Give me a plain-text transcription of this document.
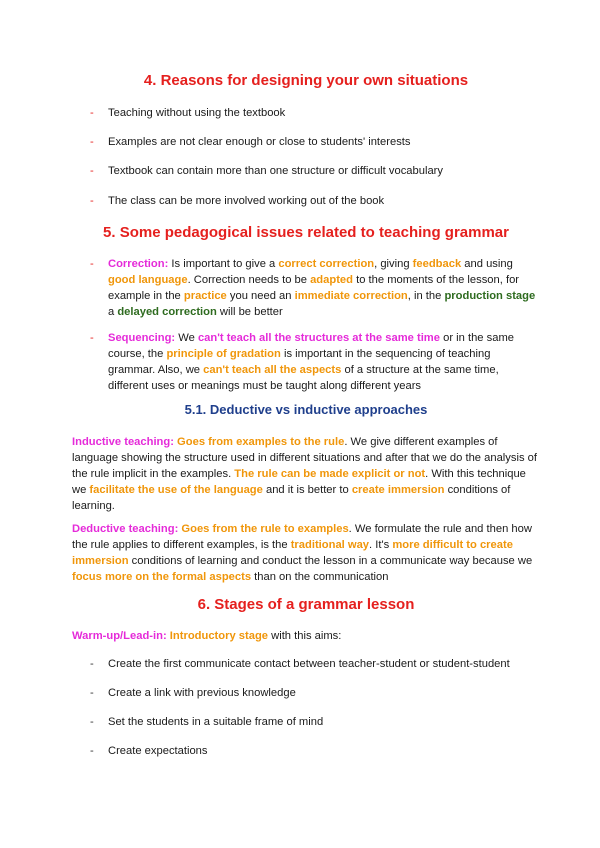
4. Reasons for designing your own situations
- Teaching without using the textbook
- Examples are not clear enough or close to students' interests
- Textbook can contain more than one structure or difficult vocabulary
- The class can be more involved working out of the book
5. Some pedagogical issues related to teaching grammar
- Correction: Is important to give a correct correction, giving feedback and using good language. Correction needs to be adapted to the moments of the lesson, for example in the practice you need an immediate correction, in the production stage a delayed correction will be better
- Sequencing: We can't teach all the structures at the same time or in the same course, the principle of gradation is important in the sequencing of teaching grammar. Also, we can't teach all the aspects of a structure at the same time, different uses or meanings must be taught along different years
5.1. Deductive vs inductive approaches

Inductive teaching: Goes from examples to the rule. We give different examples of language showing the structure used in different situations and after that we do the analysis of the rule implicit in the examples. The rule can be made explicit or not. With this technique we facilitate the use of the language and it is better to create immersion conditions of learning.

Deductive teaching: Goes from the rule to examples. We formulate the rule and then how the rule applies to different examples, is the traditional way. It's more difficult to create immersion conditions of learning and conduct the lesson in a communicate way because we focus more on the formal aspects than on the communication

6. Stages of a grammar lesson

Warm-up/Lead-in: Introductory stage with this aims:

- Create the first communicate contact between teacher-student or student-student
- Create a link with previous knowledge
- Set the students in a suitable frame of mind
- Create expectations
